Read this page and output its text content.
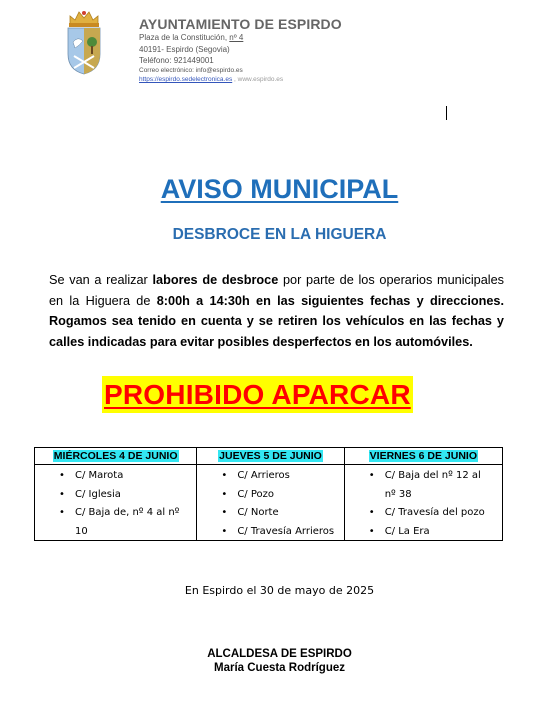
AYUNTAMIENTO DE ESPIRDO
Plaza de la Constitución, nº 4
40191- Espirdo (Segovia)
Teléfono: 921449001
Correo electrónico: info@espirdo.es
https://espirdo.sedelectronica.es , www.espirdo.es
AVISO MUNICIPAL
DESBROCE EN LA HIGUERA
Se van a realizar labores de desbroce por parte de los operarios municipales
en la Higuera de 8:00h a 14:30h en las siguientes fechas y direcciones.
Rogamos sea tenido en cuenta y se retiren los vehículos en las fechas y
calles indicadas para evitar posibles desperfectos en los automóviles.
PROHIBIDO APARCAR
MIÉRCOLES 4 DE JUNIO
• C/ Marota
• C/ Iglesia
• C/ Baja de, nº 4 al nº
10
JUEVES 5 DE JUNIO
• C/ Arrieros
• C/ Pozo
• C/ Norte
• C/ Travesía Arrieros
VIERNES 6 DE JUNIO
• C/ Baja del nº 12 al
nº 38
• C/ Travesía del pozo
• C/ La Era
En Espirdo el 30 de mayo de 2025
ALCALDESA DE ESPIRDO
María Cuesta Rodríguez
